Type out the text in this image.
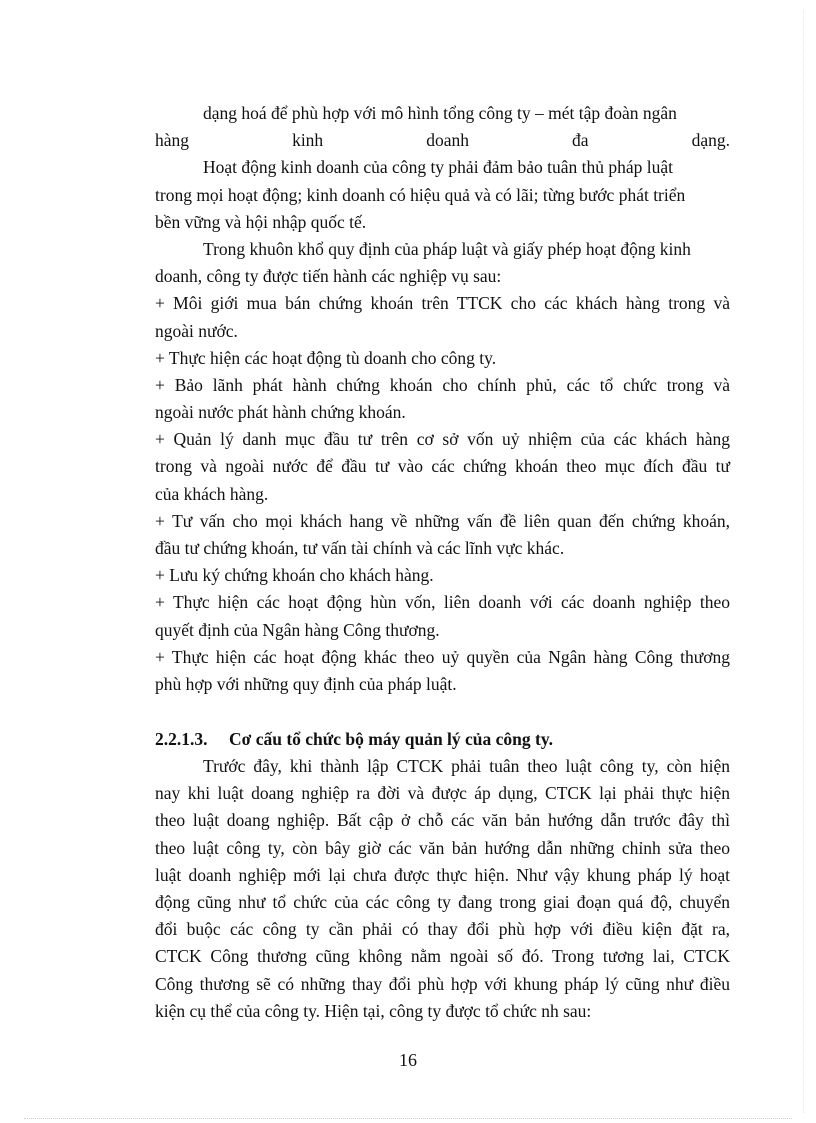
dạng hoá để phù hợp với mô hình tổng công ty – mét tập đoàn ngân
hàng	kinh	doanh	đa	dạng.
Hoạt động kinh doanh của công ty phải đảm bảo tuân thủ pháp luật
trong mọi hoạt động; kinh doanh có hiệu quả và có lãi; từng bước phát triển
bền vững và hội nhập quốc tế.
Trong khuôn khổ quy định của pháp luật và giấy phép hoạt động kinh
doanh, công ty được tiến hành các nghiệp vụ sau:
+ Môi giới mua bán chứng khoán trên TTCK cho các khách hàng trong và
ngoài nước.
+ Thực hiện các hoạt động tù doanh cho công ty.
+ Bảo lãnh phát hành chứng khoán cho chính phủ, các tổ chức trong và
ngoài nước phát hành chứng khoán.
+ Quản lý danh mục đầu tư trên cơ sở vốn uỷ nhiệm của các khách hàng
trong và ngoài nước để đầu tư vào các chứng khoán theo mục đích đầu tư
của khách hàng.
+ Tư vấn cho mọi khách hang về những vấn đề liên quan đến chứng khoán,
đầu tư chứng khoán, tư vấn tài chính và các lĩnh vực khác.
+ Lưu ký chứng khoán cho khách hàng.
+ Thực hiện các hoạt động hùn vốn, liên doanh với các doanh nghiệp theo
quyết định của Ngân hàng Công thương.
+ Thực hiện các hoạt động khác theo uỷ quyền của Ngân hàng Công thương
phù hợp với những quy định của pháp luật.
2.2.1.3. Cơ cấu tổ chức bộ máy quản lý của công ty.
Trước đây, khi thành lập CTCK phải tuân theo luật công ty, còn hiện
nay khi luật doang nghiệp ra đời và được áp dụng, CTCK lại phải thực hiện
theo luật doang nghiệp. Bất cập ở chỗ các văn bản hướng dẫn trước đây thì
theo luật công ty, còn bây giờ các văn bản hướng dẫn những chỉnh sửa theo
luật doanh nghiệp mới lại chưa được thực hiện. Như vậy khung pháp lý hoạt
động cũng như tổ chức của các công ty đang trong giai đoạn quá độ, chuyển
đổi buộc các công ty cần phải có thay đổi phù hợp với điều kiện đặt ra,
CTCK Công thương cũng không nằm ngoài số đó. Trong tương lai, CTCK
Công thương sẽ có những thay đổi phù hợp với khung pháp lý cũng như điều
kiện cụ thể của công ty. Hiện tại, công ty được tổ chức nh sau:
16
